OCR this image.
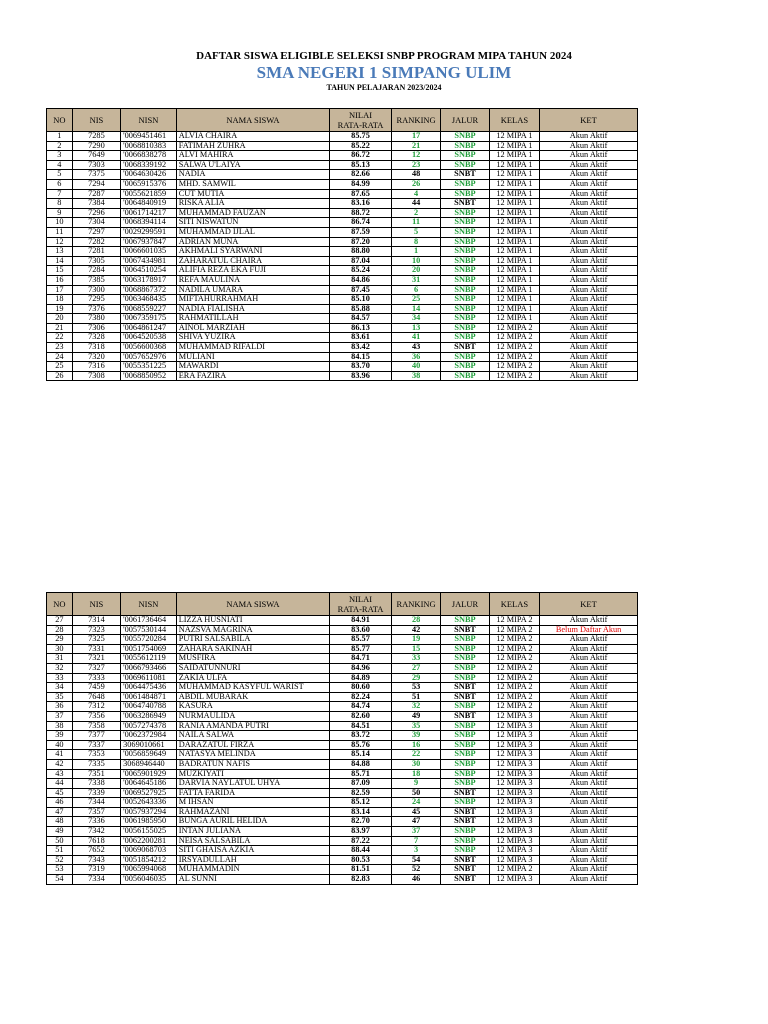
DAFTAR SISWA ELIGIBLE SELEKSI SNBP PROGRAM MIPA TAHUN 2024
SMA NEGERI 1 SIMPANG ULIM
TAHUN PELAJARAN 2023/2024
NO	NIS	NISN	NAMA SISWA	NILAI
RATA-RATA	RANKING	JALUR	KELAS	KET
1	7285	'0069451461	ALVIA CHAIRA	85.75	17	SNBP	12 MIPA 1	Akun Aktif
2	7290	'0068810383	FATIMAH ZUHRA	85.22	21	SNBP	12 MIPA 1	Akun Aktif
3	7649	'0066838278	ALVI MAHIRA	86.72	12	SNBP	12 MIPA 1	Akun Aktif
4	7303	'0068339192	SALWA U'LAIYA	85.13	23	SNBP	12 MIPA 1	Akun Aktif
5	7375	'0064630426	NADIA	82.66	48	SNBT	12 MIPA 1	Akun Aktif
6	7294	'0065915376	MHD. SAMWIL	84.99	26	SNBP	12 MIPA 1	Akun Aktif
7	7287	'0055621859	CUT MUTIA	87.65	4	SNBP	12 MIPA 1	Akun Aktif
8	7384	'0064840919	RISKA ALIA	83.16	44	SNBT	12 MIPA 1	Akun Aktif
9	7296	'0061714217	MUHAMMAD FAUZAN	88.72	2	SNBP	12 MIPA 1	Akun Aktif
10	7304	'0068394114	SITI NISWATUN	86.74	11	SNBP	12 MIPA 1	Akun Aktif
11	7297	'0029299591	MUHAMMAD IJLAL	87.59	5	SNBP	12 MIPA 1	Akun Aktif
12	7282	'0067937847	ADRIAN MUNA	87.20	8	SNBP	12 MIPA 1	Akun Aktif
13	7281	'0066601035	AKHMALI SYARWANI	88.80	1	SNBP	12 MIPA 1	Akun Aktif
14	7305	'0067434981	ZAHARATUL CHAIRA	87.04	10	SNBP	12 MIPA 1	Akun Aktif
15	7284	'0064510254	ALIFIA REZA EKA FUJI	85.24	20	SNBP	12 MIPA 1	Akun Aktif
16	7385	'0063178917	REFA MAULINA	84.86	31	SNBP	12 MIPA 1	Akun Aktif
17	7300	'0068867372	NADILA UMARA	87.45	6	SNBP	12 MIPA 1	Akun Aktif
18	7295	'0063468435	MIFTAHURRAHMAH	85.10	25	SNBP	12 MIPA 1	Akun Aktif
19	7376	'0068559227	NADIA FIALISHA	85.88	14	SNBP	12 MIPA 1	Akun Aktif
20	7380	'0067359175	RAHMATILLAH	84.57	34	SNBP	12 MIPA 1	Akun Aktif
21	7306	'0064861247	AINOL MARZIAH	86.13	13	SNBP	12 MIPA 2	Akun Aktif
22	7328	'0064520538	SHIVA YUZIRA	83.61	41	SNBP	12 MIPA 2	Akun Aktif
23	7318	'0056600368	MUHAMMAD RIFALDI	83.42	43	SNBT	12 MIPA 2	Akun Aktif
24	7320	'0057652976	MULIANI	84.15	36	SNBP	12 MIPA 2	Akun Aktif
25	7316	'0055351225	MAWARDI	83.70	40	SNBP	12 MIPA 2	Akun Aktif
26	7308	'0068850952	ERA FAZIRA	83.96	38	SNBP	12 MIPA 2	Akun Aktif
NO	NIS	NISN	NAMA SISWA	NILAI
RATA-RATA	RANKING	JALUR	KELAS	KET
27	7314	'0061736464	LIZZA HUSNIATI	84.91	28	SNBP	12 MIPA 2	Akun Aktif
28	7323	'0057530144	NAZSVA MAGRINA	83.60	42	SNBT	12 MIPA 2	Belum Daftar Akun
29	7325	'0055720284	PUTRI SALSABILA	85.57	19	SNBP	12 MIPA 2	Akun Aktif
30	7331	'0051754069	ZAHARA SAKINAH	85.77	15	SNBP	12 MIPA 2	Akun Aktif
31	7321	'0055612119	MUSFIRA	84.71	33	SNBP	12 MIPA 2	Akun Aktif
32	7327	'0066793466	SAIDATUNNURI	84.96	27	SNBP	12 MIPA 2	Akun Aktif
33	7333	'0069611081	ZAKIA ULFA	84.89	29	SNBP	12 MIPA 2	Akun Aktif
34	7459	'0064475436	MUHAMMAD KASYFUL WARIST	80.60	53	SNBT	12 MIPA 2	Akun Aktif
35	7648	'0061484871	ABDIL MUBARAK	82.24	51	SNBT	12 MIPA 2	Akun Aktif
36	7312	'0064740788	KASURA	84.74	32	SNBP	12 MIPA 2	Akun Aktif
37	7356	'0063286949	NURMAULIDA	82.60	49	SNBT	12 MIPA 3	Akun Aktif
38	7358	'0057274378	RANIA AMANDA PUTRI	84.51	35	SNBP	12 MIPA 3	Akun Aktif
39	7377	'0062372984	NAILA SALWA	83.72	39	SNBP	12 MIPA 3	Akun Aktif
40	7337	3069010661	DARAZATUL FIRZA	85.76	16	SNBP	12 MIPA 3	Akun Aktif
41	7353	'0056859649	NATASYA MELINDA	85.14	22	SNBP	12 MIPA 3	Akun Aktif
42	7335	3068946440	BADRATUN NAFIS	84.88	30	SNBP	12 MIPA 3	Akun Aktif
43	7351	'0065901929	MUZKIYATI	85.71	18	SNBP	12 MIPA 3	Akun Aktif
44	7338	'0064645186	DARVIA NAYLATUL UHYA	87.09	9	SNBP	12 MIPA 3	Akun Aktif
45	7339	'0069527925	FATTA FARIDA	82.59	50	SNBT	12 MIPA 3	Akun Aktif
46	7344	'0052643336	M IHSAN	85.12	24	SNBP	12 MIPA 3	Akun Aktif
47	7357	'0057937294	RAHMAZANI	83.14	45	SNBT	12 MIPA 3	Akun Aktif
48	7336	'0061985950	BUNGA AURIL HELIDA	82.70	47	SNBT	12 MIPA 3	Akun Aktif
49	7342	'0056155025	INTAN JULIANA	83.97	37	SNBP	12 MIPA 3	Akun Aktif
50	7618	'0062200281	NEISA SALSABILA	87.22	7	SNBP	12 MIPA 3	Akun Aktif
51	7652	'0069068703	SITI GHAISA AZKIA	88.44	3	SNBP	12 MIPA 3	Akun Aktif
52	7343	'0051854212	IRSYADULLAH	80.53	54	SNBT	12 MIPA 3	Akun Aktif
53	7319	'0065994068	MUHAMMADIN	81.51	52	SNBT	12 MIPA 2	Akun Aktif
54	7334	'0056046035	AL SUNNI	82.83	46	SNBT	12 MIPA 3	Akun Aktif
